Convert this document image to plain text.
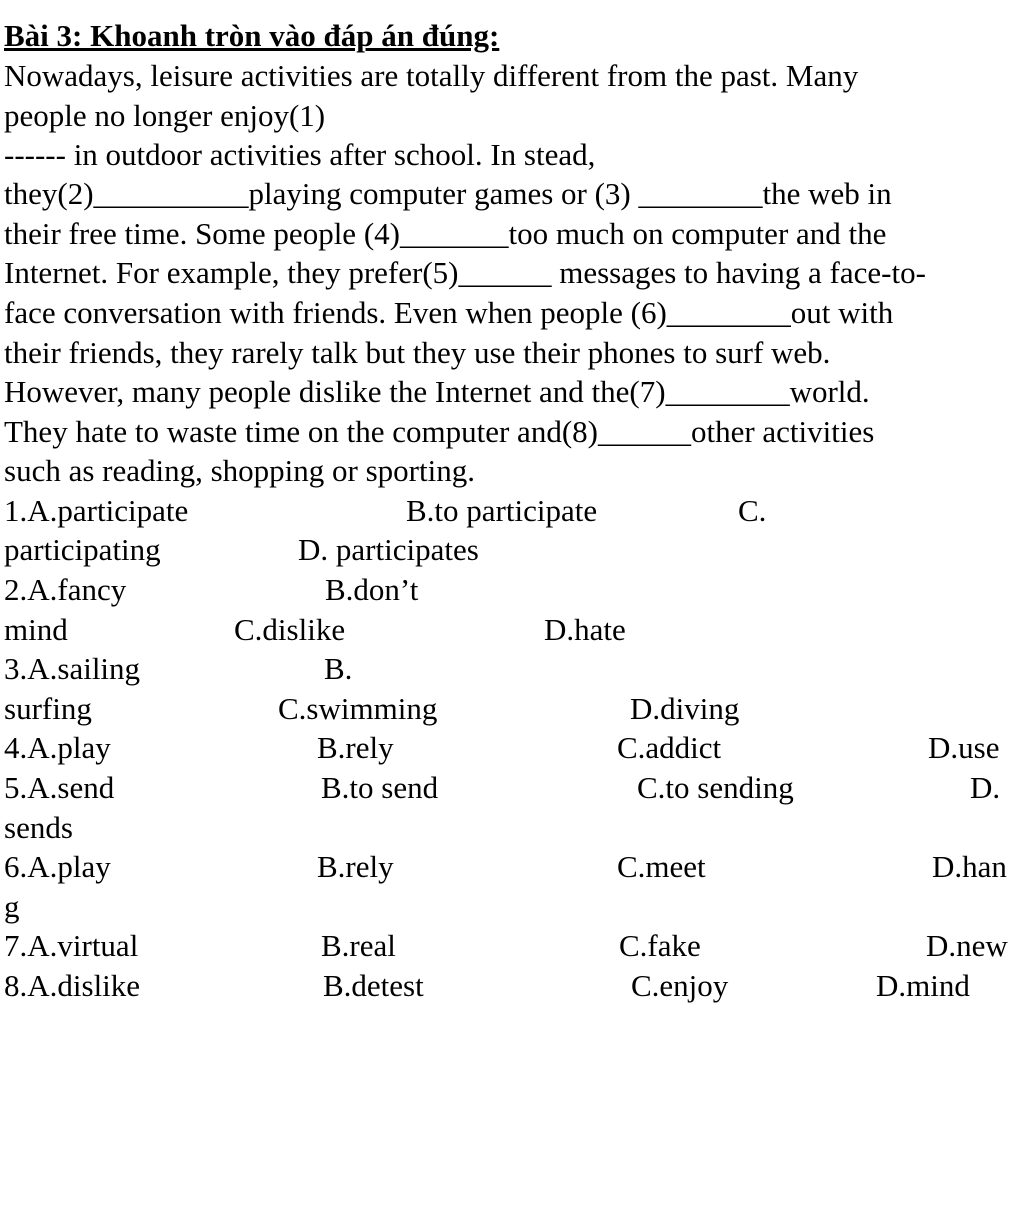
Bài 3: Khoanh tròn vào đáp án đúng:
Nowadays, leisure activities are totally different from the past. Many
people no longer enjoy(1)
------ in outdoor activities after school. In stead,
they(2)__________playing computer games or (3) ________the web in
their free time. Some people (4)_______too much on computer and the
Internet. For example, they prefer(5)______ messages to having a face-to-
face conversation with friends. Even when people (6)________out with
their friends, they rarely talk but they use their phones to surf web.
However, many people dislike the Internet and the(7)________world.
They hate to waste time on the computer and(8)______other activities
such as reading, shopping or sporting.

1.A.participate

	B.to participate

	C.

participating

	D. participates

2.A.fancy

	B.don’t

mind

	C.dislike

	D.hate

3.A.sailing

	B.

surfing

	C.swimming

	D.diving

4.A.play

	B.rely

	C.addict

	D.use

5.A.send

	B.to send

	C.to sending

	D.

sends

6.A.play

	B.rely

	C.meet

	D.han

g

7.A.virtual

	B.real

	C.fake

	D.new

8.A.dislike

	B.detest

	C.enjoy

	D.mind
